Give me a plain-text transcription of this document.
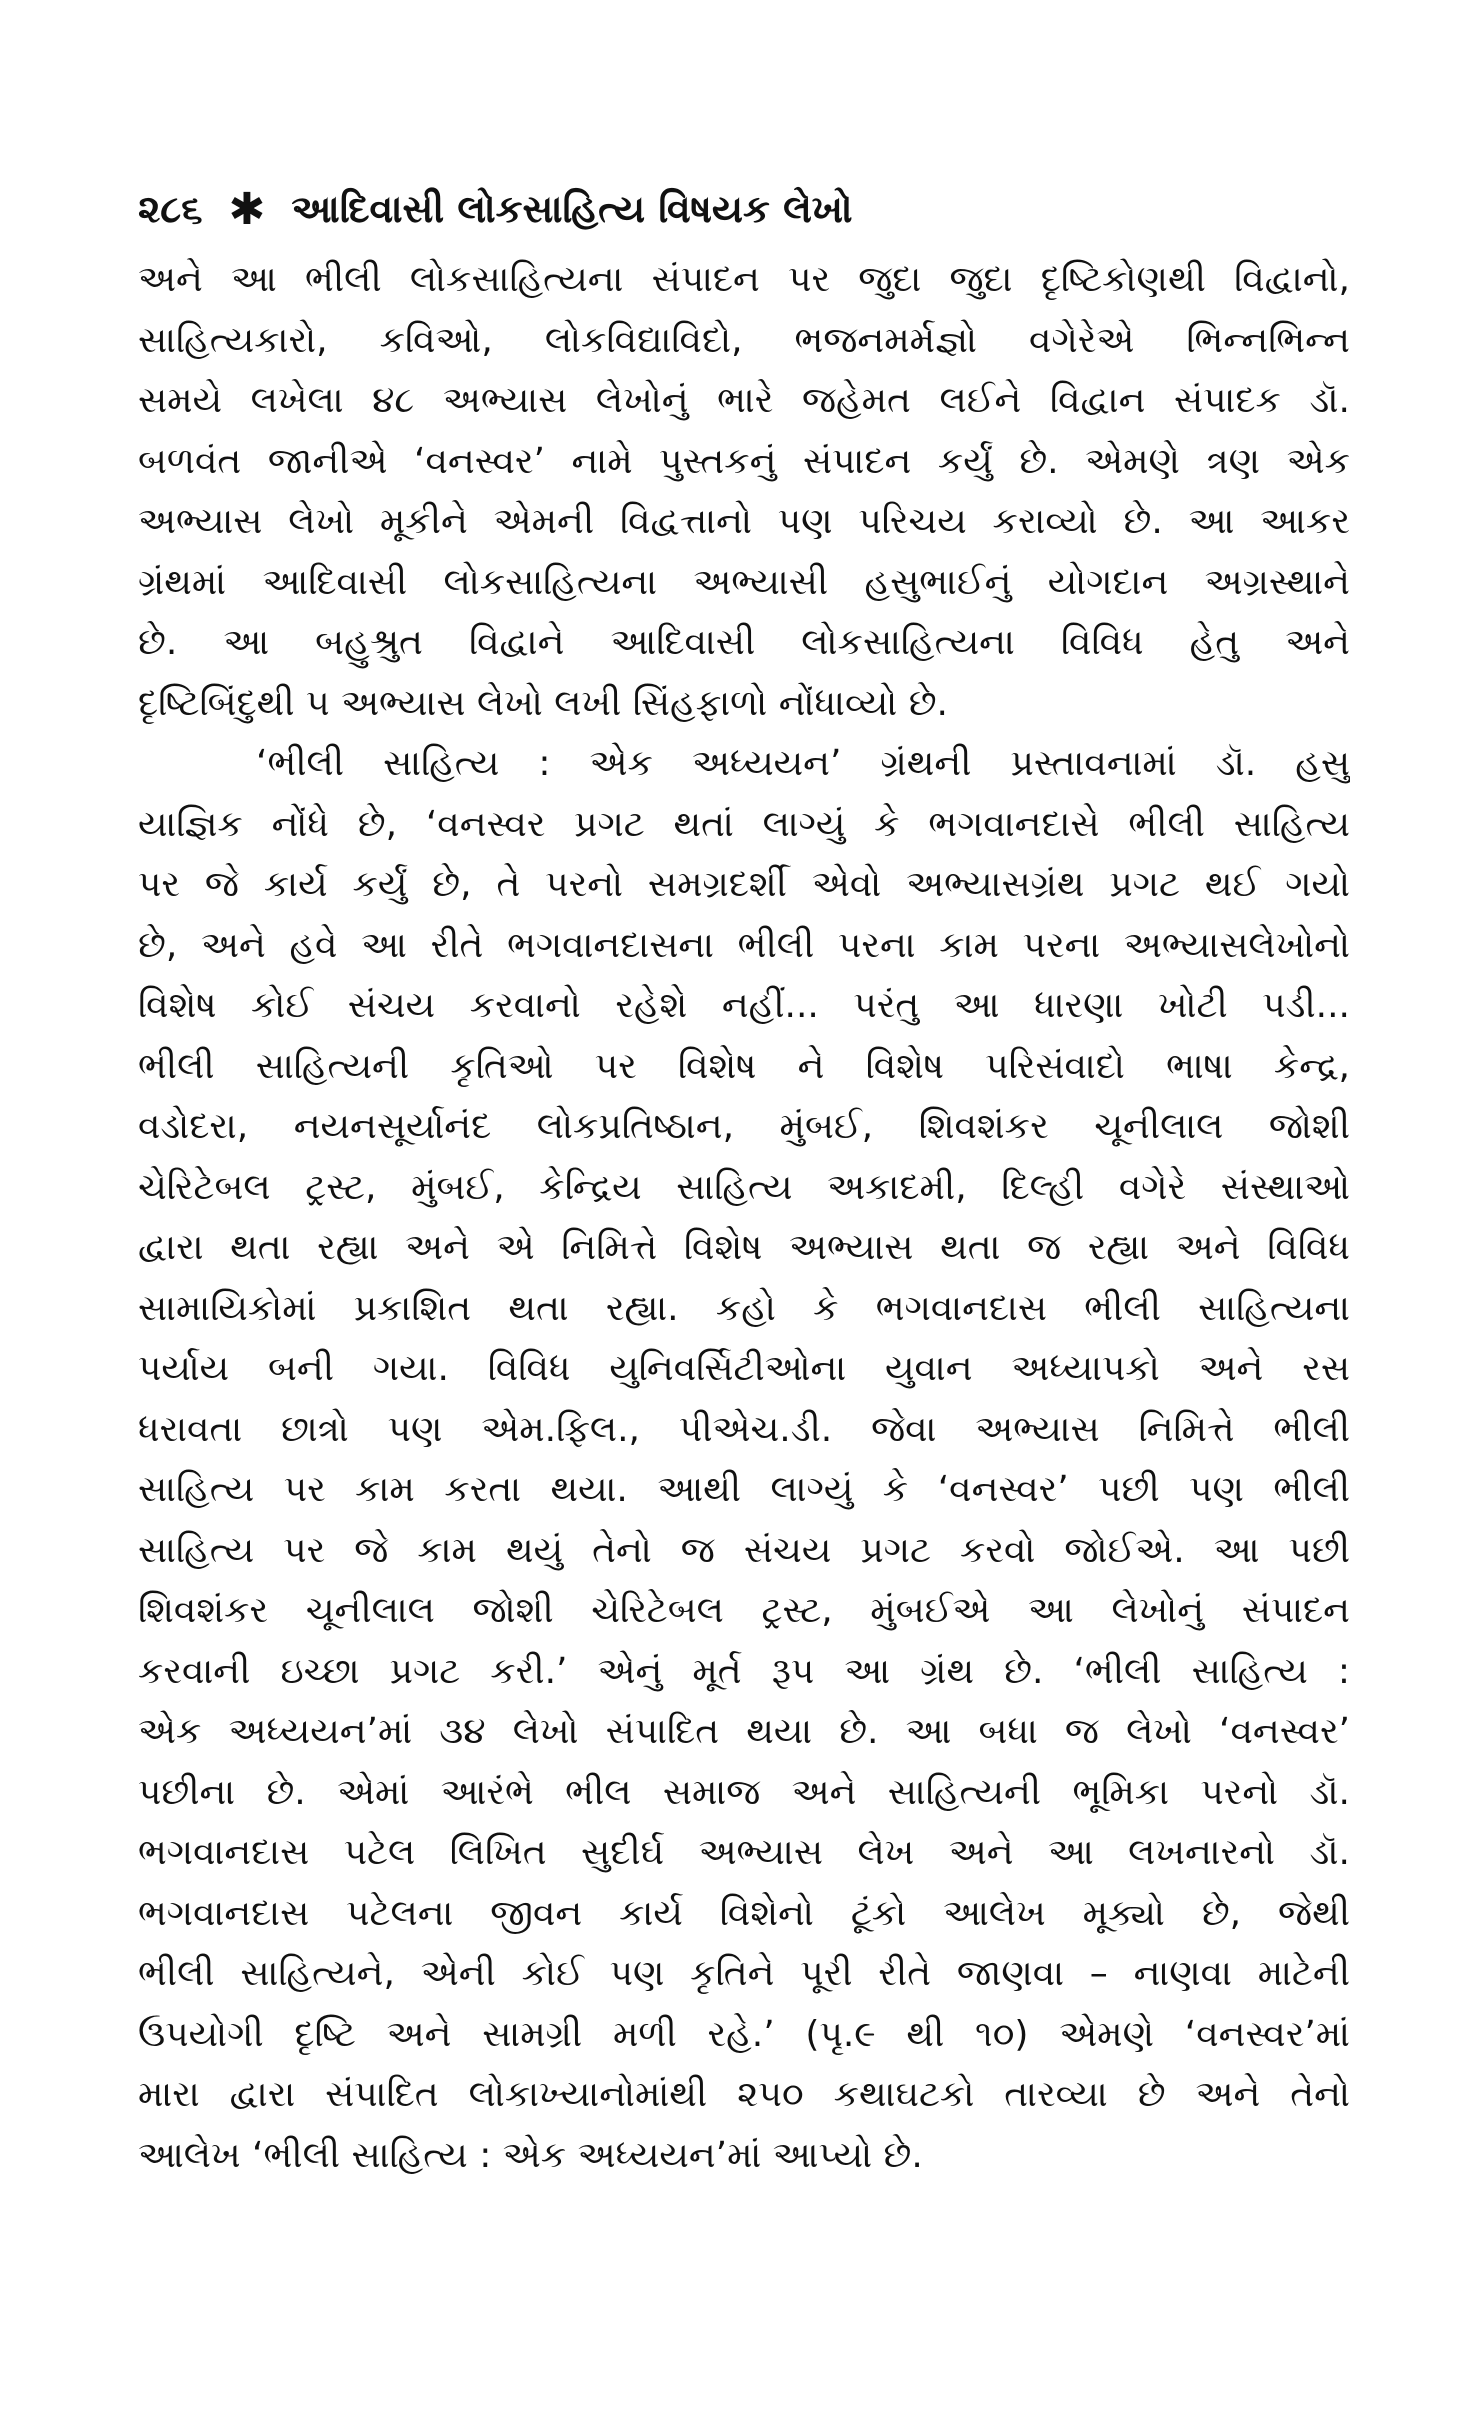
૨૮૬ ✱ આદિવાસી લોકસાહિત્ય વિષયક લેખો
અને આ ભીલી લોકસાહિત્યના સંપાદન પર જુદા જુદા દૃષ્ટિકોણથી વિદ્વાનો,
સાહિત્યકારો, કવિઓ, લોકવિદ્યાવિદો, ભજનમર્મજ્ઞો વગેરેએ ભિન્નભિન્ન
સમયે લખેલા ૪૮ અભ્યાસ લેખોનું ભારે જહેમત લઈને વિદ્વાન સંપાદક ડૉ.
બળવંત જાનીએ ‘વનસ્વર’ નામે પુસ્તકનું સંપાદન કર્યું છે. એમણે ત્રણ એક
અભ્યાસ લેખો મૂકીને એમની વિદ્વત્તાનો પણ પરિચય કરાવ્યો છે. આ આકર
ગ્રંથમાં આદિવાસી લોકસાહિત્યના અભ્યાસી હસુભાઈનું યોગદાન અગ્રસ્થાને
છે. આ બહુશ્રુત વિદ્વાને આદિવાસી લોકસાહિત્યના વિવિધ હેતુ અને
દૃષ્ટિબિંદુથી ૫ અભ્યાસ લેખો લખી સિંહફાળો નોંધાવ્યો છે.
‘ભીલી સાહિત્ય : એક અધ્યયન’ ગ્રંથની પ્રસ્તાવનામાં ડૉ. હસુ
યાજ્ઞિક નોંધે છે, ‘વનસ્વર પ્રગટ થતાં લાગ્યું કે ભગવાનદાસે ભીલી સાહિત્ય
પર જે કાર્ય કર્યું છે, તે પરનો સમગ્રદર્શી એવો અભ્યાસગ્રંથ પ્રગટ થઈ ગયો
છે, અને હવે આ રીતે ભગવાનદાસના ભીલી પરના કામ પરના અભ્યાસલેખોનો
વિશેષ કોઈ સંચય કરવાનો રહેશે નહીં... પરંતુ આ ધારણા ખોટી પડી...
ભીલી સાહિત્યની કૃતિઓ પર વિશેષ ને વિશેષ પરિસંવાદો ભાષા કેન્દ્ર,
વડોદરા, નયનસૂર્યાનંદ લોકપ્રતિષ્ઠાન, મુંબઈ, શિવશંકર ચૂનીલાલ જોશી
ચેરિટેબલ ટ્રસ્ટ, મુંબઈ, કેન્દ્રિય સાહિત્ય અકાદમી, દિલ્હી વગેરે સંસ્થાઓ
દ્વારા થતા રહ્યા અને એ નિમિત્તે વિશેષ અભ્યાસ થતા જ રહ્યા અને વિવિધ
સામાયિકોમાં પ્રકાશિત થતા રહ્યા. કહો કે ભગવાનદાસ ભીલી સાહિત્યના
પર્યાય બની ગયા. વિવિધ યુનિવર્સિટીઓના યુવાન અધ્યાપકો અને રસ
ધરાવતા છાત્રો પણ એમ.ફિલ., પીએચ.ડી. જેવા અભ્યાસ નિમિત્તે ભીલી
સાહિત્ય પર કામ કરતા થયા. આથી લાગ્યું કે ‘વનસ્વર’ પછી પણ ભીલી
સાહિત્ય પર જે કામ થયું તેનો જ સંચય પ્રગટ કરવો જોઈએ. આ પછી
શિવશંકર ચૂનીલાલ જોશી ચેરિટેબલ ટ્રસ્ટ, મુંબઈએ આ લેખોનું સંપાદન
કરવાની ઇચ્છા પ્રગટ કરી.’ એનું મૂર્ત રૂપ આ ગ્રંથ છે. ‘ભીલી સાહિત્ય :
એક અધ્યયન’માં ૩૪ લેખો સંપાદિત થયા છે. આ બધા જ લેખો ‘વનસ્વર’
પછીના છે. એમાં આરંભે ભીલ સમાજ અને સાહિત્યની ભૂમિકા પરનો ડૉ.
ભગવાનદાસ પટેલ લિખિત સુદીર્ઘ અભ્યાસ લેખ અને આ લખનારનો ડૉ.
ભગવાનદાસ પટેલના જીવન કાર્ય વિશેનો ટૂંકો આલેખ મૂક્યો છે, જેથી
ભીલી સાહિત્યને, એની કોઈ પણ કૃતિને પૂરી રીતે જાણવા – નાણવા માટેની
ઉપયોગી દૃષ્ટિ અને સામગ્રી મળી રહે.’ (પૃ.૯ થી ૧૦) એમણે ‘વનસ્વર’માં
મારા દ્વારા સંપાદિત લોકાખ્યાનોમાંથી ૨૫૦ કથાઘટકો તારવ્યા છે અને તેનો
આલેખ ‘ભીલી સાહિત્ય : એક અધ્યયન’માં આપ્યો છે.
